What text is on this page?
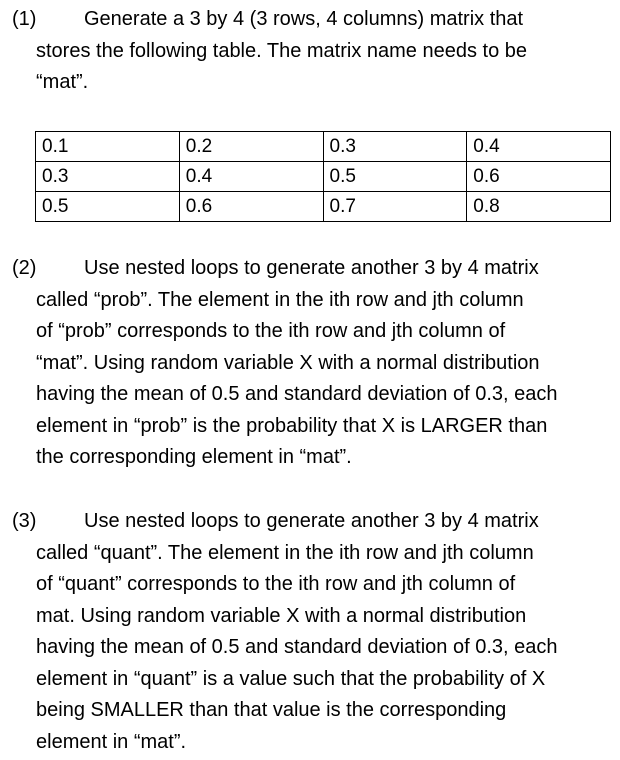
(1) Generate a 3 by 4 (3 rows, 4 columns) matrix that
stores the following table. The matrix name needs to be
“mat”.
0.1	0.2	0.3	0.4
0.3	0.4	0.5	0.6
0.5	0.6	0.7	0.8
(2) Use nested loops to generate another 3 by 4 matrix
called “prob”. The element in the ith row and jth column
of “prob” corresponds to the ith row and jth column of
“mat”. Using random variable X with a normal distribution
having the mean of 0.5 and standard deviation of 0.3, each
element in “prob” is the probability that X is LARGER than
the corresponding element in “mat”.
(3) Use nested loops to generate another 3 by 4 matrix
called “quant”. The element in the ith row and jth column
of “quant” corresponds to the ith row and jth column of
mat. Using random variable X with a normal distribution
having the mean of 0.5 and standard deviation of 0.3, each
element in “quant” is a value such that the probability of X
being SMALLER than that value is the corresponding
element in “mat”.
